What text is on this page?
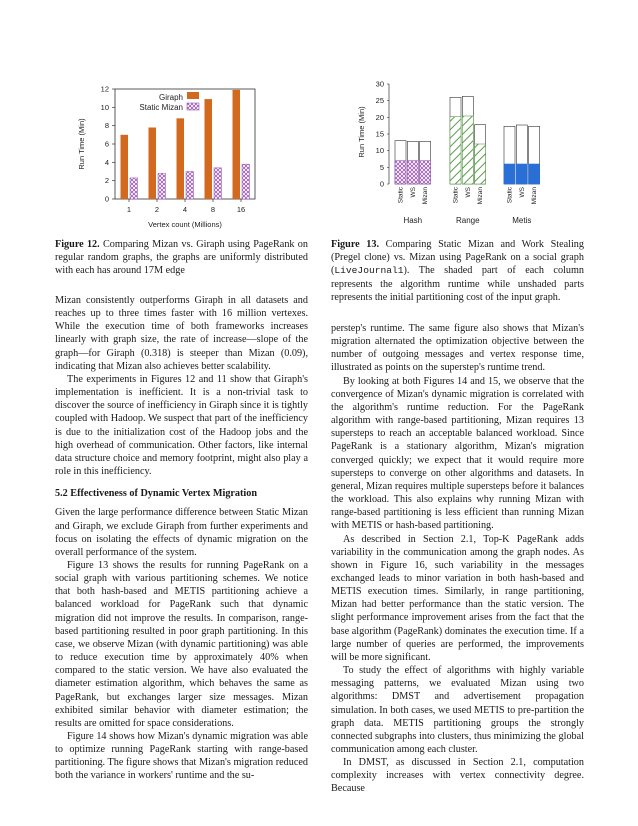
0
2
4
6
8
10
12
1	2	4	8	16
Run Time (Min)
Vertex count (Millions)
Giraph
Static Mizan
Figure 12. Comparing Mizan vs. Giraph using PageRank on regular random graphs, the graphs are uniformly distributed with each has around 17M edge
0
5
10
15
20
25
30
Static WS Mizan	Static WS Mizan	Static WS Mizan
Hash	Range	Metis
Run Time (Min)
Figure 13. Comparing Static Mizan and Work Stealing (Pregel clone) vs. Mizan using PageRank on a social graph (LiveJournal1). The shaded part of each column represents the algorithm runtime while unshaded parts represents the initial partitioning cost of the input graph.

Mizan consistently outperforms Giraph in all datasets and reaches up to three times faster with 16 million vertexes. While the execution time of both frameworks increases linearly with graph size, the rate of increase—slope of the graph—for Giraph (0.318) is steeper than Mizan (0.09), indicating that Mizan also achieves better scalability.

The experiments in Figures 12 and 11 show that Giraph's implementation is inefficient. It is a non-trivial task to discover the source of inefficiency in Giraph since it is tightly coupled with Hadoop. We suspect that part of the inefficiency is due to the initialization cost of the Hadoop jobs and the high overhead of communication. Other factors, like internal data structure choice and memory footprint, might also play a role in this inefficiency.

5.2 Effectiveness of Dynamic Vertex Migration

Given the large performance difference between Static Mizan and Giraph, we exclude Giraph from further experiments and focus on isolating the effects of dynamic migration on the overall performance of the system.

Figure 13 shows the results for running PageRank on a social graph with various partitioning schemes. We notice that both hash-based and METIS partitioning achieve a balanced workload for PageRank such that dynamic migration did not improve the results. In comparison, range-based partitioning resulted in poor graph partitioning. In this case, we observe Mizan (with dynamic partitioning) was able to reduce execution time by approximately 40% when compared to the static version. We have also evaluated the diameter estimation algorithm, which behaves the same as PageRank, but exchanges larger size messages. Mizan exhibited similar behavior with diameter estimation; the results are omitted for space considerations.

Figure 14 shows how Mizan's dynamic migration was able to optimize running PageRank starting with range-based partitioning. The figure shows that Mizan's migration reduced both the variance in workers' runtime and the su-

perstep's runtime. The same figure also shows that Mizan's migration alternated the optimization objective between the number of outgoing messages and vertex response time, illustrated as points on the superstep's runtime trend.

By looking at both Figures 14 and 15, we observe that the convergence of Mizan's dynamic migration is correlated with the algorithm's runtime reduction. For the PageRank algorithm with range-based partitioning, Mizan requires 13 supersteps to reach an acceptable balanced workload. Since PageRank is a stationary algorithm, Mizan's migration converged quickly; we expect that it would require more supersteps to converge on other algorithms and datasets. In general, Mizan requires multiple supersteps before it balances the workload. This also explains why running Mizan with range-based partitioning is less efficient than running Mizan with METIS or hash-based partitioning.

As described in Section 2.1, Top-K PageRank adds variability in the communication among the graph nodes. As shown in Figure 16, such variability in the messages exchanged leads to minor variation in both hash-based and METIS execution times. Similarly, in range partitioning, Mizan had better performance than the static version. The slight performance improvement arises from the fact that the base algorithm (PageRank) dominates the execution time. If a large number of queries are performed, the improvements will be more significant.

To study the effect of algorithms with highly variable messaging patterns, we evaluated Mizan using two algorithms: DMST and advertisement propagation simulation. In both cases, we used METIS to pre-partition the graph data. METIS partitioning groups the strongly connected subgraphs into clusters, thus minimizing the global communication among each cluster.

In DMST, as discussed in Section 2.1, computation complexity increases with vertex connectivity degree. Because
